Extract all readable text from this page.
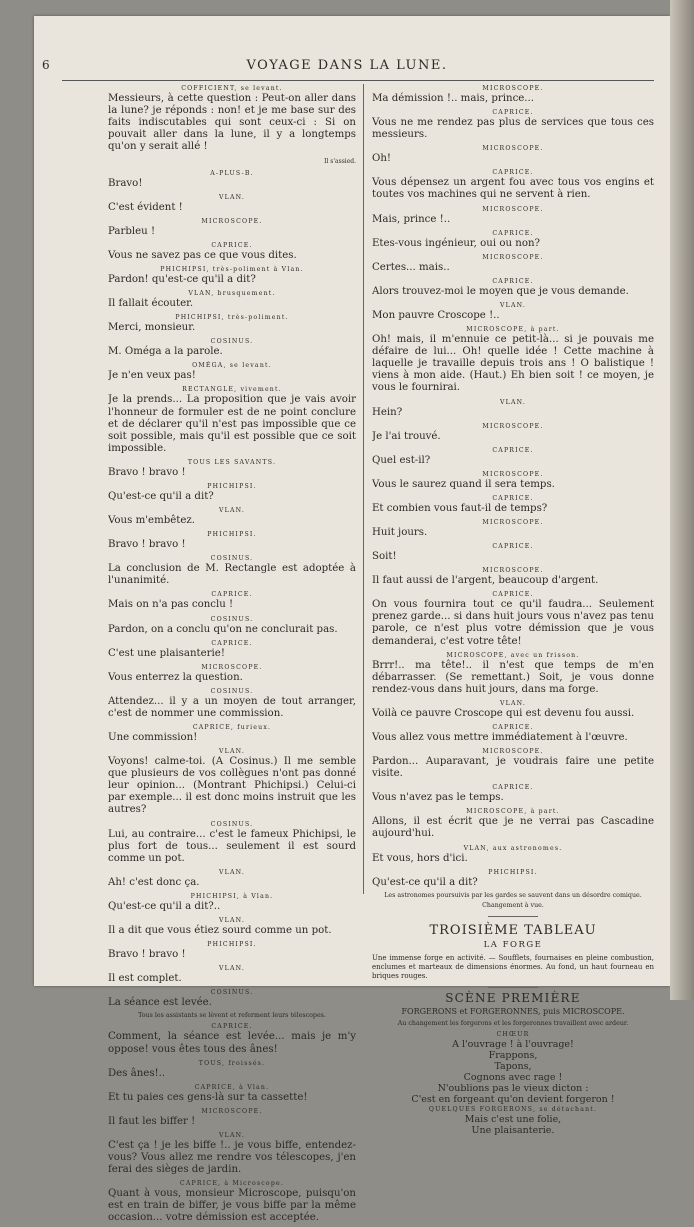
6	VOYAGE DANS LA LUNE.
COFFICIENT, se levant.
Messieurs, à cette question : Peut-on aller dans la lune? je réponds : non! et je me base sur des faits indiscutables qui sont ceux-ci : Si on pouvait aller dans la lune, il y a longtemps qu'on y serait allé !
Il s'assied.
A-PLUS-B.
Bravo!
VLAN.
C'est évident !
MICROSCOPE.
Parbleu !
CAPRICE.
Vous ne savez pas ce que vous dites.
PHICHIPSI, très-poliment à Vlan.
Pardon! qu'est-ce qu'il a dit?
VLAN, brusquement.
Il fallait écouter.
PHICHIPSI, très-poliment.
Merci, monsieur.
COSINUS.
M. Oméga a la parole.
OMÉGA, se levant.
Je n'en veux pas!
RECTANGLE, vivement.
Je la prends... La proposition que je vais avoir l'honneur de formuler est de ne point conclure et de déclarer qu'il n'est pas impossible que ce soit possible, mais qu'il est possible que ce soit impossible.
TOUS LES SAVANTS.
Bravo ! bravo !
PHICHIPSI.
Qu'est-ce qu'il a dit?
VLAN.
Vous m'embêtez.
PHICHIPSI.
Bravo ! bravo !
COSINUS.
La conclusion de M. Rectangle est adoptée à l'unanimité.
CAPRICE.
Mais on n'a pas conclu !
COSINUS.
Pardon, on a conclu qu'on ne conclurait pas.
CAPRICE.
C'est une plaisanterie!
MICROSCOPE.
Vous enterrez la question.
COSINUS.
Attendez... il y a un moyen de tout arranger, c'est de nommer une commission.
CAPRICE, furieux.
Une commission!
VLAN.
Voyons! calme-toi. (A Cosinus.) Il me semble que plusieurs de vos collègues n'ont pas donné leur opinion... (Montrant Phichipsi.) Celui-ci par exemple... il est donc moins instruit que les autres?
COSINUS.
Lui, au contraire... c'est le fameux Phichipsi, le plus fort de tous... seulement il est sourd comme un pot.
VLAN.
Ah! c'est donc ça.
PHICHIPSI, à Vlan.
Qu'est-ce qu'il a dit?..
VLAN.
Il a dit que vous étiez sourd comme un pot.
PHICHIPSI.
Bravo ! bravo !
VLAN.
Il est complet.
COSINUS.
La séance est levée.
Tous les assistants se lèvent et referment leurs télescopes.
CAPRICE.
Comment, la séance est levée... mais je m'y oppose! vous êtes tous des ânes!
TOUS, froissés.
Des ânes!..
CAPRICE, à Vlan.
Et tu paies ces gens-là sur ta cassette!
MICROSCOPE.
Il faut les biffer !
VLAN.
C'est ça ! je les biffe !.. je vous biffe, entendez-vous? Vous allez me rendre vos télescopes, j'en ferai des sièges de jardin.
CAPRICE, à Microscope.
Quant à vous, monsieur Microscope, puisqu'on est en train de biffer, je vous biffe par la même occasion... votre démission est acceptée.
MICROSCOPE.
Ma démission !.. mais, prince...
CAPRICE.
Vous ne me rendez pas plus de services que tous ces messieurs.
MICROSCOPE.
Oh!
CAPRICE.
Vous dépensez un argent fou avec tous vos engins et toutes vos machines qui ne servent à rien.
MICROSCOPE.
Mais, prince !..
CAPRICE.
Etes-vous ingénieur, oui ou non?
MICROSCOPE.
Certes... mais..
CAPRICE.
Alors trouvez-moi le moyen que je vous demande.
VLAN.
Mon pauvre Croscope !..
MICROSCOPE, à part.
Oh! mais, il m'ennuie ce petit-là... si je pouvais me défaire de lui... Oh! quelle idée ! Cette machine à laquelle je travaille depuis trois ans ! O balistique ! viens à mon aide. (Haut.) Eh bien soit ! ce moyen, je vous le fournirai.
VLAN.
Hein?
MICROSCOPE.
Je l'ai trouvé.
CAPRICE.
Quel est-il?
MICROSCOPE.
Vous le saurez quand il sera temps.
CAPRICE.
Et combien vous faut-il de temps?
MICROSCOPE.
Huit jours.
CAPRICE.
Soit!
MICROSCOPE.
Il faut aussi de l'argent, beaucoup d'argent.
CAPRICE.
On vous fournira tout ce qu'il faudra... Seulement prenez garde... si dans huit jours vous n'avez pas tenu parole, ce n'est plus votre démission que je vous demanderai, c'est votre tête!
MICROSCOPE, avec un frisson.
Brrr!.. ma tête!.. il n'est que temps de m'en débarrasser. (Se remettant.) Soit, je vous donne rendez-vous dans huit jours, dans ma forge.
VLAN.
Voilà ce pauvre Croscope qui est devenu fou aussi.
CAPRICE.
Vous allez vous mettre immédiatement à l'œuvre.
MICROSCOPE.
Pardon... Auparavant, je voudrais faire une petite visite.
CAPRICE.
Vous n'avez pas le temps.
MICROSCOPE, à part.
Allons, il est écrit que je ne verrai pas Cascadine aujourd'hui.
VLAN, aux astronomes.
Et vous, hors d'ici.
PHICHIPSI.
Qu'est-ce qu'il a dit?
Les astronomes poursuivis par les gardes se sauvent dans un désordre comique.
Changement à vue.
TROISIÈME TABLEAU
LA FORGE
Une immense forge en activité. — Soufflets, fournaises en pleine combustion, enclumes et marteaux de dimensions énormes. Au fond, un haut fourneau en briques rouges.
SCÈNE PREMIÈRE
FORGERONS et FORGERONNES, puis MICROSCOPE.
Au changement les forgerons et les forgeronnes travaillent avec ardeur.
CHŒUR
A l'ouvrage ! à l'ouvrage!
Frappons,
Tapons,
Cognons avec rage !
N'oublions pas le vieux dicton :
C'est en forgeant qu'on devient forgeron !
QUELQUES FORGERONS, se détachant.
Mais c'est une folie,
Une plaisanterie.
